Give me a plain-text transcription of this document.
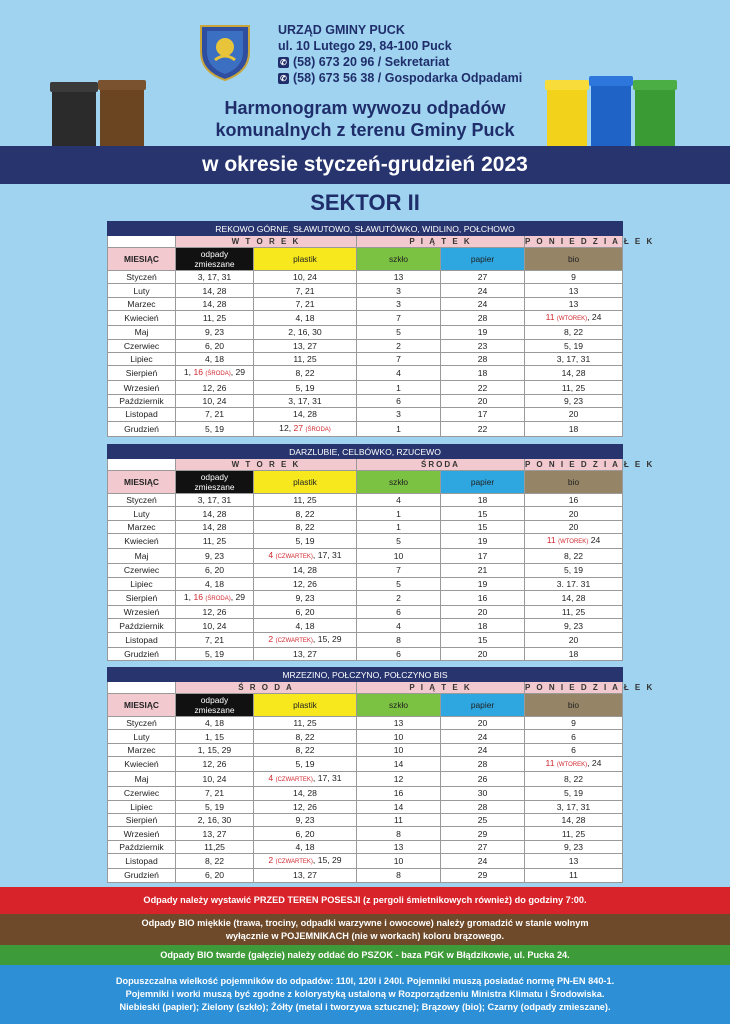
URZĄD GMINY PUCK
ul. 10 Lutego 29, 84-100 Puck
✆ (58) 673 20 96 / Sekretariat
✆ (58) 673 56 38 / Gospodarka Odpadami
Harmonogram wywozu odpadów
komunalnych z terenu Gminy Puck
w okresie styczeń-grudzień 2023
SEKTOR II
REKOWO GÓRNE, SŁAWUTOWO, SŁAWUTÓWKO, WIDLINO, POŁCHOWO					
	W T O R E K		P I Ą T E K		P O N I E D Z I A Ł E K
MIESIĄC	odpady
zmieszane	plastik	szkło	papier	bio
Styczeń	3, 17, 31	10, 24	13	27	9
Luty	14, 28	7, 21	3	24	13
Marzec	14, 28	7, 21	3	24	13
Kwiecień	11, 25	4, 18	7	28	11 (WTOREK), 24
Maj	9, 23	2, 16, 30	5	19	8, 22
Czerwiec	6, 20	13, 27	2	23	5, 19
Lipiec	4, 18	11, 25	7	28	3, 17, 31
Sierpień	1, 16 (ŚRODA), 29	8, 22	4	18	14, 28
Wrzesień	12, 26	5, 19	1	22	11, 25
Październik	10, 24	3, 17, 31	6	20	9, 23
Listopad	7, 21	14, 28	3	17	20
Grudzień	5, 19	12, 27 (ŚRODA)	1	22	18
DARZLUBIE, CELBÓWKO, RZUCEWO					
	W T O R E K		ŚRODA		P O N I E D Z I A Ł E K
MIESIĄC	odpady
zmieszane	plastik	szkło	papier	bio
Styczeń	3, 17, 31	11, 25	4	18	16
Luty	14, 28	8, 22	1	15	20
Marzec	14, 28	8, 22	1	15	20
Kwiecień	11, 25	5, 19	5	19	11 (WTOREK) 24
Maj	9, 23	4 (CZWARTEK), 17, 31	10	17	8, 22
Czerwiec	6, 20	14, 28	7	21	5, 19
Lipiec	4, 18	12, 26	5	19	3. 17. 31
Sierpień	1, 16 (ŚRODA), 29	9, 23	2	16	14, 28
Wrzesień	12, 26	6, 20	6	20	11, 25
Październik	10, 24	4, 18	4	18	9, 23
Listopad	7, 21	2 (CZWARTEK), 15, 29	8	15	20
Grudzień	5, 19	13, 27	6	20	18
MRZEZINO, POŁCZYNO, POŁCZYNO BIS					
	Ś R O D A		P I Ą T E K		P O N I E D Z I A Ł E K
MIESIĄC	odpady
zmieszane	plastik	szkło	papier	bio
Styczeń	4, 18	11, 25	13	20	9
Luty	1, 15	8, 22	10	24	6
Marzec	1, 15, 29	8, 22	10	24	6
Kwiecień	12, 26	5, 19	14	28	11 (WTOREK), 24
Maj	10, 24	4 (CZWARTEK), 17, 31	12	26	8, 22
Czerwiec	7, 21	14, 28	16	30	5, 19
Lipiec	5, 19	12, 26	14	28	3, 17, 31
Sierpień	2, 16, 30	9, 23	11	25	14, 28
Wrzesień	13, 27	6, 20	8	29	11, 25
Październik	11,25	4, 18	13	27	9, 23
Listopad	8, 22	2 (CZWARTEK), 15, 29	10	24	13
Grudzień	6, 20	13, 27	8	29	11
Odpady należy wystawić PRZED TEREN POSESJI (z pergoli śmietnikowych również) do godziny 7:00.
Odpady BIO miękkie (trawa, trociny, odpadki warzywne i owocowe) należy gromadzić w stanie wolnym
wyłącznie w POJEMNIKACH (nie w workach) koloru brązowego.
Odpady BIO twarde (gałęzie) należy oddać do PSZOK - baza PGK w Błądzikowie, ul. Pucka 24.
Dopuszczalna wielkość pojemników do odpadów: 110l, 120l i 240l. Pojemniki muszą posiadać normę PN-EN 840-1.
Pojemniki i worki muszą być zgodne z kolorystyką ustaloną w Rozporządzeniu Ministra Klimatu i Środowiska.
Niebieski (papier); Zielony (szkło); Żółty (metal i tworzywa sztuczne); Brązowy (bio); Czarny (odpady zmieszane).
